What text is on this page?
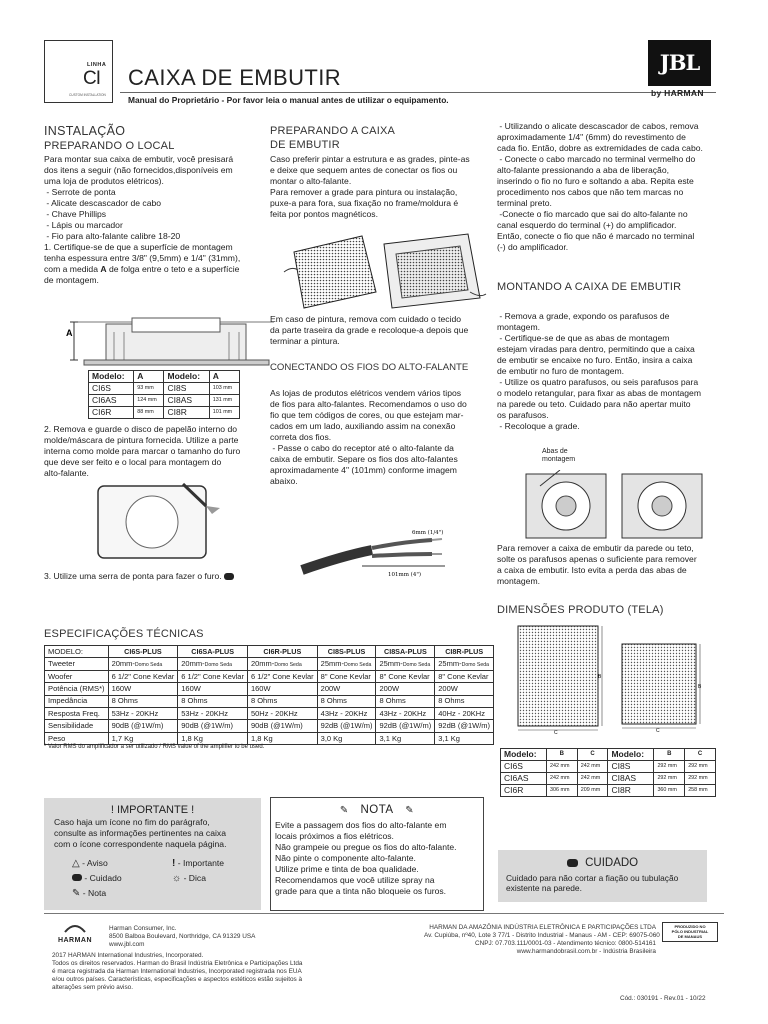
LINHA
CI
CUSTOM INSTALLATION
CAIXA DE EMBUTIR
Manual do Proprietário - Por favor leia o manual antes de utilizar o equipamento.
JBL
by HARMAN
INSTALAÇÃO
PREPARANDO O LOCAL
Para montar sua caixa de embutir, você presisará
dos itens a seguir (não fornecidos,disponíveis em
uma loja de produtos elétricos).
- Serrote de ponta
- Alicate descascador de cabo
- Chave Phillips
- Lápis ou marcador
- Fio para alto-falante calibre 18-20
1. Certifique-se de que a superfície de montagem
tenha espessura entre 3/8" (9,5mm) e 1/4" (31mm),
com a medida A de folga entre o teto e a superfície
de montagem.
A
Modelo:	A	Modelo:	A
CI6S	93 mm	CI8S	103 mm
CI6AS	124 mm	CI8AS	131 mm
CI6R	88 mm	CI8R	101 mm
2. Remova e guarde o disco de papelão interno do
molde/máscara de pintura fornecida. Utilize a parte
interna como molde para marcar o tamanho do furo
que deve ser feito e o local para montagem do
alto-falante.
3. Utilize uma serra de ponta para fazer o furo.
PREPARANDO A CAIXA
DE EMBUTIR
Caso preferir pintar a estrutura e as grades, pinte-as
e deixe que sequem antes de conectar os fios ou
montar o alto-falante.
Para remover a grade para pintura ou instalação,
puxe-a para fora, sua fixação no frame/moldura é
feita por pontos magnéticos.
Em caso de pintura, remova com cuidado o tecido
da parte traseira da grade e recoloque-a depois que
terminar a pintura.
CONECTANDO OS FIOS DO ALTO-FALANTE
As lojas de produtos elétricos vendem vários tipos
de fios para alto-falantes. Recomendamos o uso do
fio que tem códigos de cores, ou que estejam mar-
cados em um lado, auxiliando assim na conexão
correta dos fios.
- Passe o cabo do receptor até o alto-falante da
caixa de embutir. Separe os fios dos alto-falantes
aproximadamente 4" (101mm) conforme imagem
abaixo.
6mm (1/4")
101mm (4")
- Utilizando o alicate descascador de cabos, remova
aproximadamente 1/4" (6mm) do revestimento de
cada fio. Então, dobre as extremidades de cada cabo.
- Conecte o cabo marcado no terminal vermelho do
alto-falante pressionando a aba de liberação,
inserindo o fio no furo e soltando a aba. Repita este
procedimento nos cabos que não tem marcas no
terminal preto.
-Conecte o fio marcado que sai do alto-falante no
canal esquerdo do terminal (+) do amplificador.
Então, conecte o fio que não é marcado no terminal
(-) do amplificador.
MONTANDO A CAIXA DE EMBUTIR
- Remova a grade, expondo os parafusos de
montagem.
- Certifique-se de que as abas de montagem
estejam viradas para dentro, permitindo que a caixa
de embutir se encaixe no furo. Então, insira a caixa
de embutir no furo de montagem.
- Utilize os quatro parafusos, ou seis parafusos para
o modelo retangular, para fixar as abas de montagem
na parede ou teto. Cuidado para não apertar muito
os parafusos.
- Recoloque a grade.
Abas de
montagem
Para remover a caixa de embutir da parede ou teto,
solte os parafusos apenas o suficiente para remover
a caixa de embutir. Isto evita a perda das abas de
montagem.
DIMENSÕES PRODUTO (TELA)
B
C
B
C
Modelo:	B	C	Modelo:	B	C
CI6S	242 mm	242 mm	CI8S	292 mm	292 mm
CI6AS	242 mm	242 mm	CI8AS	292 mm	292 mm
CI6R	306 mm	209 mm	CI8R	360 mm	258 mm
ESPECIFICAÇÕES TÉCNICAS
MODELO:	CI6S-PLUS	CI6SA-PLUS	CI6R-PLUS	CI8S-PLUS	CI8SA-PLUS	CI8R-PLUS
Tweeter	20mm-Domo Seda	20mm-Domo Seda	20mm-Domo Seda	25mm-Domo Seda	25mm-Domo Seda	25mm-Domo Seda
Woofer	6 1/2" Cone Kevlar	6 1/2" Cone Kevlar	6 1/2" Cone Kevlar	8" Cone Kevlar	8" Cone Kevlar	8" Cone Kevlar
Potência (RMS*)	160W	160W	160W	200W	200W	200W
Impedância	8 Ohms	8 Ohms	8 Ohms	8 Ohms	8 Ohms	8 Ohms
Resposta Freq.	53Hz - 20KHz	53Hz - 20KHz	50Hz - 20KHz	43Hz - 20KHz	43Hz - 20KHz	40Hz - 20KHz
Sensibilidade	90dB (@1W/m)	90dB (@1W/m)	90dB (@1W/m)	92dB (@1W/m)	92dB (@1W/m)	92dB (@1W/m)
Peso	1,7 Kg	1,8 Kg	1,8 Kg	3,0 Kg	3,1 Kg	3,1 Kg
* Valor RMS do amplificador a ser utilizado / RMS value of the amplifier to be used.
! IMPORTANTE !
Caso haja um ícone no fim do parágrafo,
consulte as informações pertinentes na caixa
com o ícone correspondente naquela página.
△ - Aviso
- Cuidado
✎ - Nota
! - Importante
☼ - Dica
✎ NOTA ✎
Evite a passagem dos fios do alto-falante em
locais próximos a fios elétricos.
Não grampeie ou pregue os fios do alto-falante.
Não pinte o componente alto-falante.
Utilize prime e tinta de boa qualidade.
Recomendamos que você utilize spray na
grade para que a tinta não bloqueie os furos.
CUIDADO
Cuidado para não cortar a fiação ou tubulação
existente na parede.
HARMAN
Harman Consumer, Inc.
8500 Balboa Boulevard, Northridge, CA 91329 USA
www.jbl.com
HARMAN DA AMAZÔNIA INDÚSTRIA ELETRÔNICA E PARTICIPAÇÕES LTDA
Av. Cupiúba, nº40, Lote 3 77/1 - Distrito Industrial - Manaus - AM - CEP: 69075-060
CNPJ: 07.703.111/0001-03 - Atendimento técnico: 0800-514161
www.harmandobrasil.com.br - Indústria Brasileira
PRODUZIDO NO
PÓLO INDUSTRIAL
DE MANAUS
2017 HARMAN International Industries, Incorporated.
Todos os direitos reservados. Harman do Brasil Indústria Eletrônica e Participações Ltda
é marca registrada da Harman International Industries, Incorporated registrada nos EUA
e/ou outros países. Características, especificações e aspectos estéticos estão sujeitos à
alterações sem prévio aviso.
Cód.: 030191 - Rev.01 - 10/22
